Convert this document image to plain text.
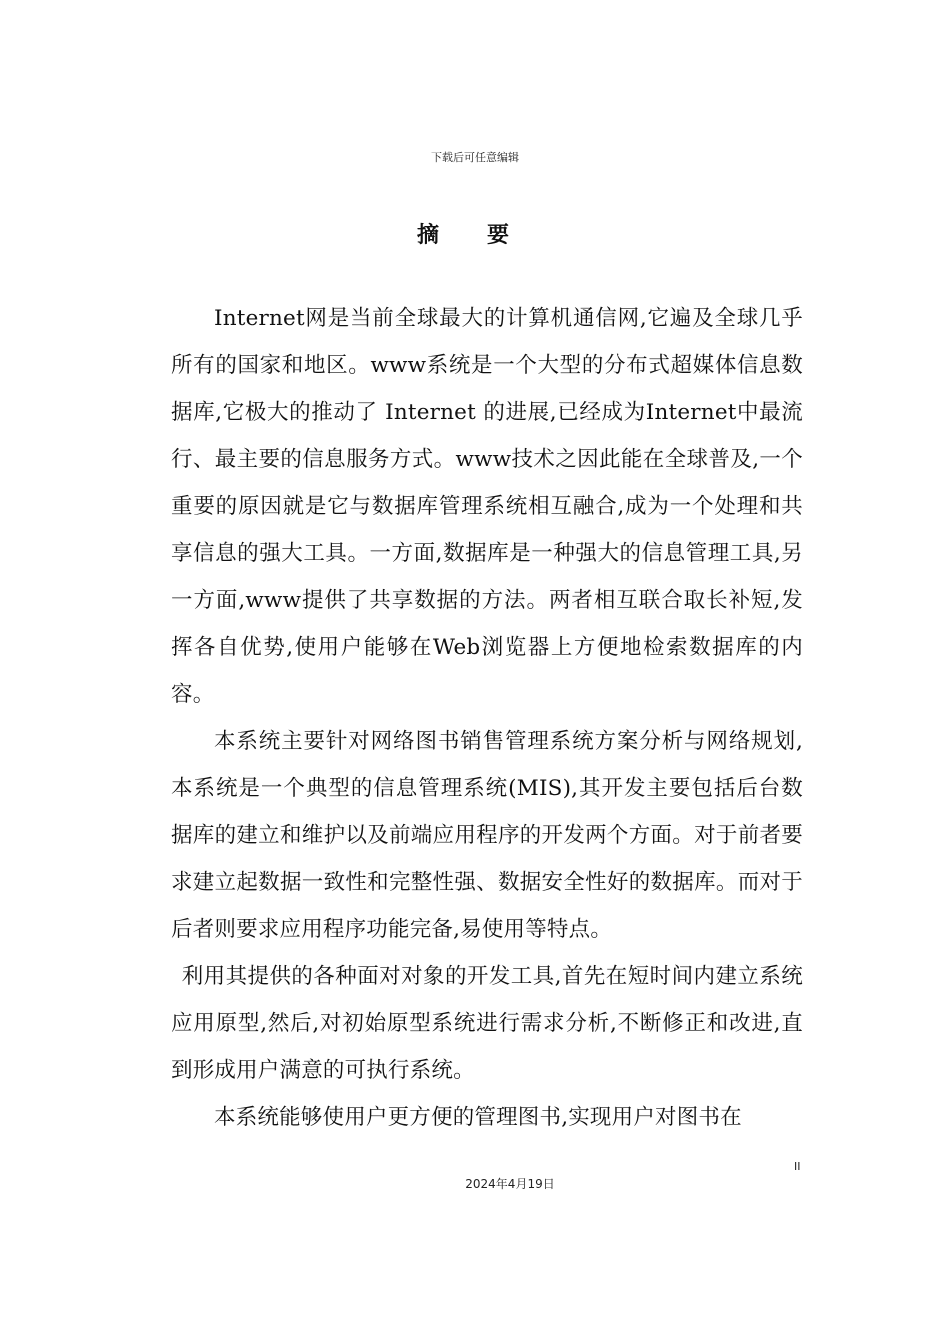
下载后可任意编辑
摘要

Internet网是当前全球最大的计算机通信网,它遍及全球几乎所有的国家和地区。www系统是一个大型的分布式超媒体信息数据库,它极大的推动了 Internet 的进展,已经成为Internet中最流行、最主要的信息服务方式。www技术之因此能在全球普及,一个重要的原因就是它与数据库管理系统相互融合,成为一个处理和共享信息的强大工具。一方面,数据库是一种强大的信息管理工具,另一方面,www提供了共享数据的方法。两者相互联合取长补短,发挥各自优势,使用户能够在Web浏览器上方便地检索数据库的内容。

本系统主要针对网络图书销售管理系统方案分析与网络规划,本系统是一个典型的信息管理系统(MIS),其开发主要包括后台数据库的建立和维护以及前端应用程序的开发两个方面。对于前者要求建立起数据一致性和完整性强、数据安全性好的数据库。而对于后者则要求应用程序功能完备,易使用等特点。

利用其提供的各种面对对象的开发工具,首先在短时间内建立系统应用原型,然后,对初始原型系统进行需求分析,不断修正和改进,直到形成用户满意的可执行系统。

本系统能够使用户更方便的管理图书,实现用户对图书在

II
2024年4月19日
